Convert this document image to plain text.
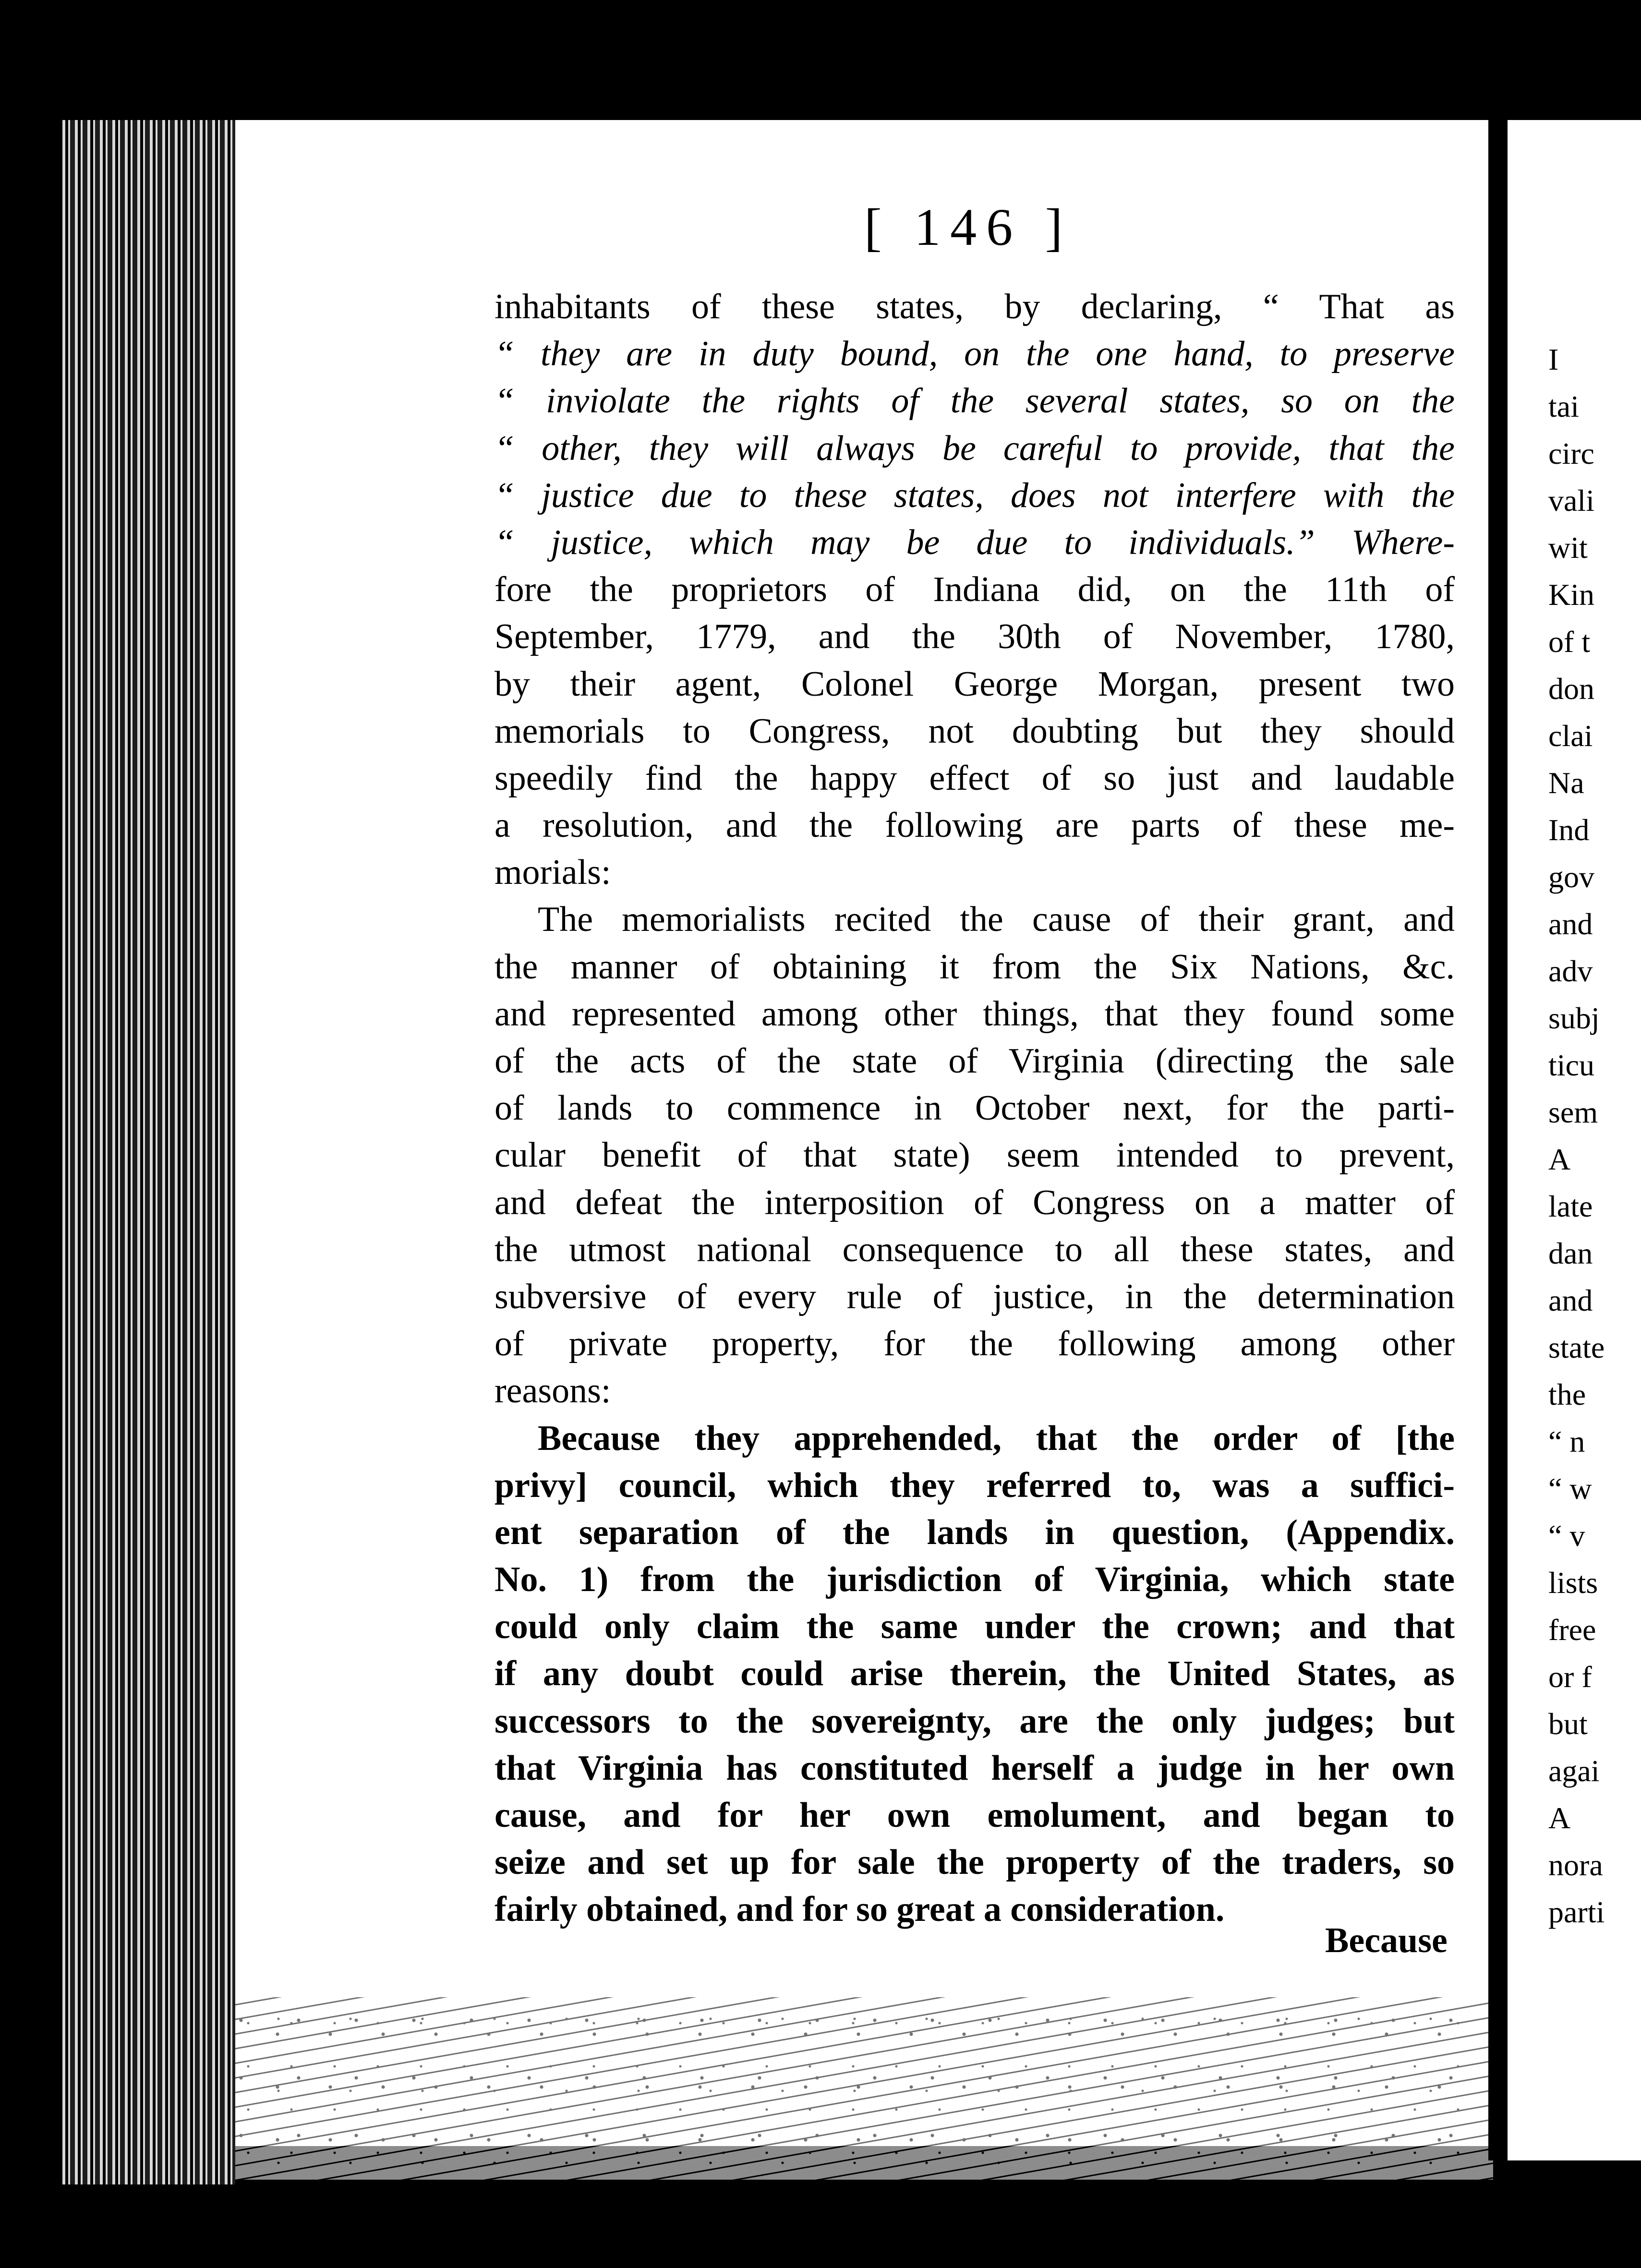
I
tai
circ
vali
wit
Kin
of t
don
clai
Na
Ind
gov
and
adv
subj
ticu
sem
A
late
dan
and
state
the
“ n
“ w
“ v
lists
free
or f
but
agai
A
nora
parti
[ 146 ]
inhabitants of these states, by declaring, “ That as
“ they are in duty bound, on the one hand, to preserve
“ inviolate the rights of the several states, so on the
“ other, they will always be careful to provide, that the
“ justice due to these states, does not interfere with the
“ justice, which may be due to individuals.” Where-
fore the proprietors of Indiana did, on the 11th of
September, 1779, and the 30th of November, 1780,
by their agent, Colonel George Morgan, present two
memorials to Congress, not doubting but they should
speedily find the happy effect of so just and laudable
a resolution, and the following are parts of these me-
morials:
The memorialists recited the cause of their grant, and
the manner of obtaining it from the Six Nations, &c.
and represented among other things, that they found some
of the acts of the state of Virginia (directing the sale
of lands to commence in October next, for the parti-
cular benefit of that state) seem intended to prevent,
and defeat the interposition of Congress on a matter of
the utmost national consequence to all these states, and
subversive of every rule of justice, in the determination
of private property, for the following among other
reasons:
Because they apprehended, that the order of [the
privy] council, which they referred to, was a suffici-
ent separation of the lands in question, (Appendix.
No. 1) from the jurisdiction of Virginia, which state
could only claim the same under the crown; and that
if any doubt could arise therein, the United States, as
successors to the sovereignty, are the only judges; but
that Virginia has constituted herself a judge in her own
cause, and for her own emolument, and began to
seize and set up for sale the property of the traders, so
fairly obtained, and for so great a consideration.
Because
